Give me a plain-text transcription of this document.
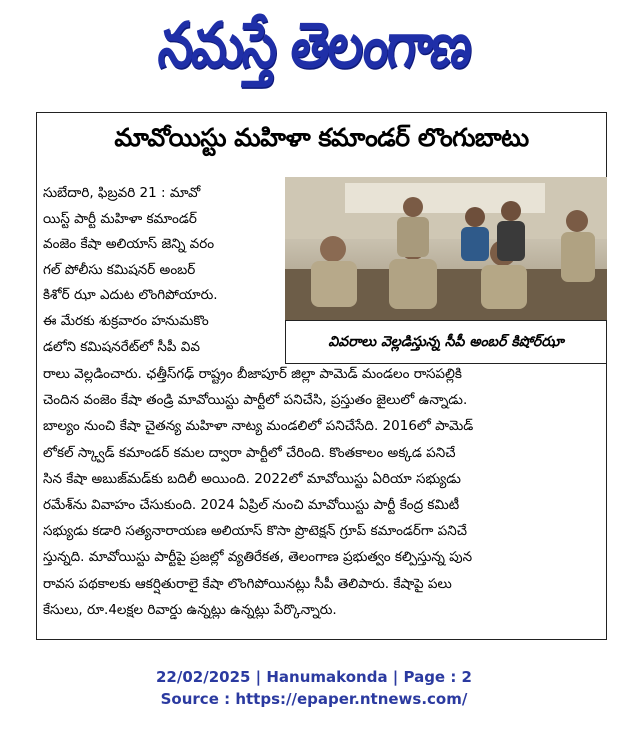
నమస్తే తెలంగాణ
మావోయిస్టు మహిళా కమాండర్ లొంగుబాటు
వివరాలు వెల్లడిస్తున్న సీపీ అంబర్ కిషోర్‌ఝా
సుబేదారి, ఫిబ్రవరి 21 : మావో
యిస్ట్ పార్టీ మహిళా కమాండర్
వంజెం కేషా అలియాస్ జెన్ని వరం
గల్ పోలీసు కమిషనర్ అంబర్
కిశోర్ ఝా ఎదుట లొంగిపోయారు.
ఈ మేరకు శుక్రవారం హనుమకొం
డలోని కమిషనరేట్‌లో సీపీ వివ
రాలు వెల్లడించారు. ఛత్తీస్‌గఢ్ రాష్ట్రం బీజాపూర్ జిల్లా పామెడ్ మండలం రాసపల్లికి
చెందిన వంజెం కేషా తండ్రి మావోయిస్టు పార్టీలో పనిచేసి, ప్రస్తుతం జైలులో ఉన్నాడు.
బాల్యం నుంచి కేషా చైతన్య మహిళా నాట్య మండలిలో పనిచేసేది. 2016లో పామెడ్
లోకల్ స్క్వాడ్ కమాండర్ కమల ద్వారా పార్టీలో చేరింది. కొంతకాలం అక్కడ పనిచే
సిన కేషా అబుజ్‌మడ్‌కు బదిలీ అయింది. 2022లో మావోయిస్టు ఏరియా సభ్యుడు
రమేశ్‌ను వివాహం చేసుకుంది. 2024 ఏప్రిల్ నుంచి మావోయిస్టు పార్టీ కేంద్ర కమిటీ
సభ్యుడు కడారి సత్యనారాయణ అలియాస్ కొసా ప్రొటెక్షన్ గ్రూప్ కమాండర్‌గా పనిచే
స్తున్నది. మావోయిస్టు పార్టీపై ప్రజల్లో వ్యతిరేకత, తెలంగాణ ప్రభుత్వం కల్పిస్తున్న పున
రావస పథకాలకు ఆకర్షితురాలై కేషా లొంగిపోయినట్లు సీపీ తెలిపారు. కేషాపై పలు
కేసులు, రూ.4లక్షల రివార్డు ఉన్నట్లు ఉన్నట్లు పేర్కొన్నారు.
22/02/2025 | Hanumakonda | Page : 2
Source : https://epaper.ntnews.com/
